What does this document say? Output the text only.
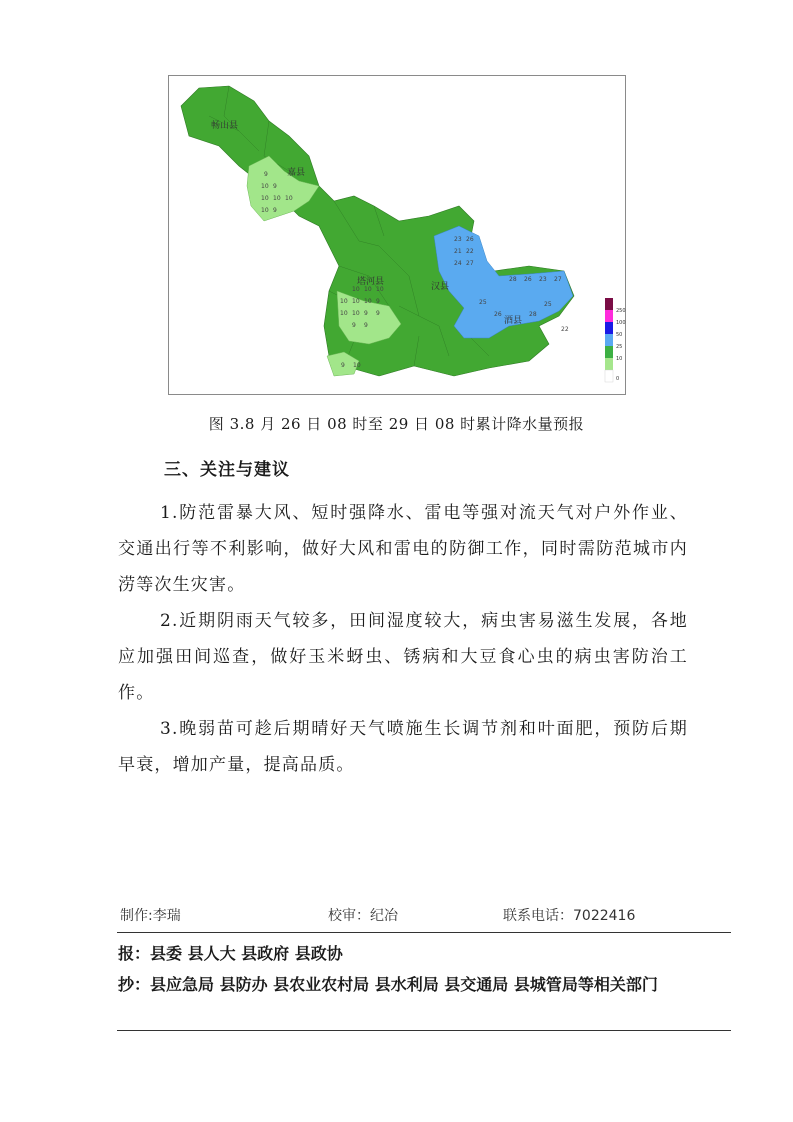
畅山县
嘉县
塔河县	汉县
酒县
9
10 9
10 10 10
10 9
10 10 10
10 10 10 9
10 10 9 9
9 9
9 10
23 26
21 22
24 27
28 26 23 27
25
26	28
25
22
250
100
50
25
10
0
图 3.8 月 26 日 08 时至 29 日 08 时累计降水量预报
三、关注与建议
1.防范雷暴大风、短时强降水、雷电等强对流天气对户外作业、交通出行等不利影响，做好大风和雷电的防御工作，同时需防范城市内涝等次生灾害。
2.近期阴雨天气较多，田间湿度较大，病虫害易滋生发展，各地应加强田间巡查，做好玉米蚜虫、锈病和大豆食心虫的病虫害防治工作。
3.晚弱苗可趁后期晴好天气喷施生长调节剂和叶面肥，预防后期早衰，增加产量，提高品质。
制作:李瑞	校审：纪冶	联系电话：7022416
报：县委 县人大 县政府 县政协
抄：县应急局 县防办 县农业农村局 县水利局 县交通局 县城管局等相关部门
